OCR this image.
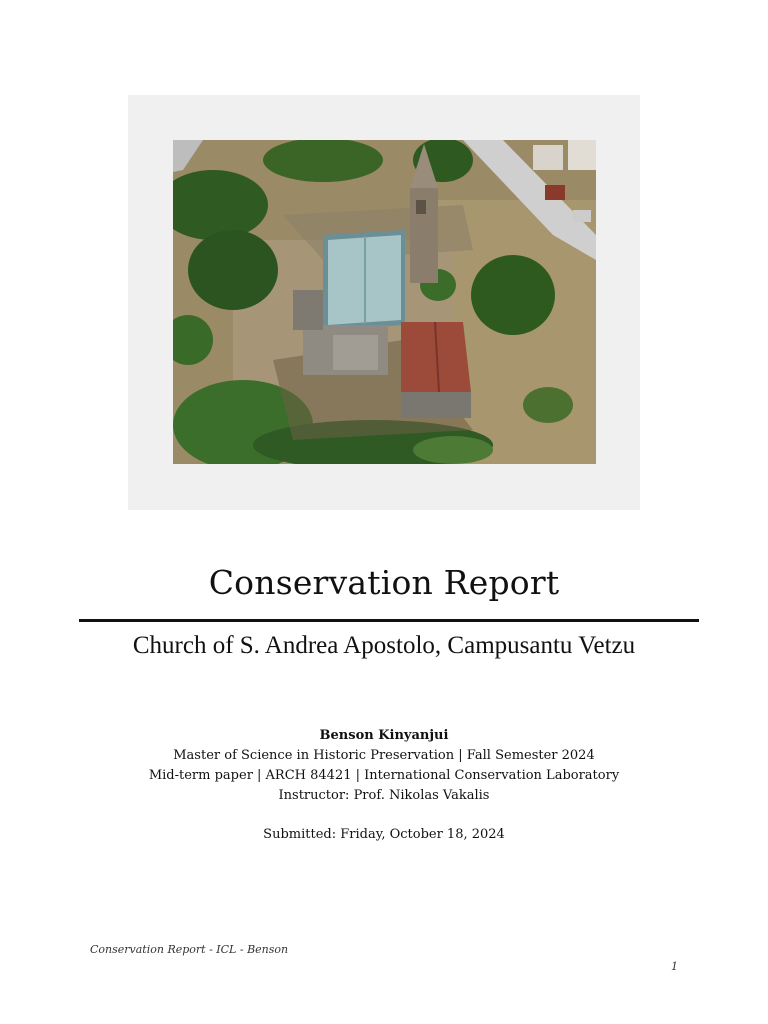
Conservation Report
Church of S. Andrea Apostolo, Campusantu Vetzu
Benson Kinyanjui
Master of Science in Historic Preservation | Fall Semester 2024
Mid-term paper | ARCH 84421 | International Conservation Laboratory
Instructor: Prof. Nikolas Vakalis
Submitted: Friday, October 18, 2024
Conservation Report - ICL - Benson
1
